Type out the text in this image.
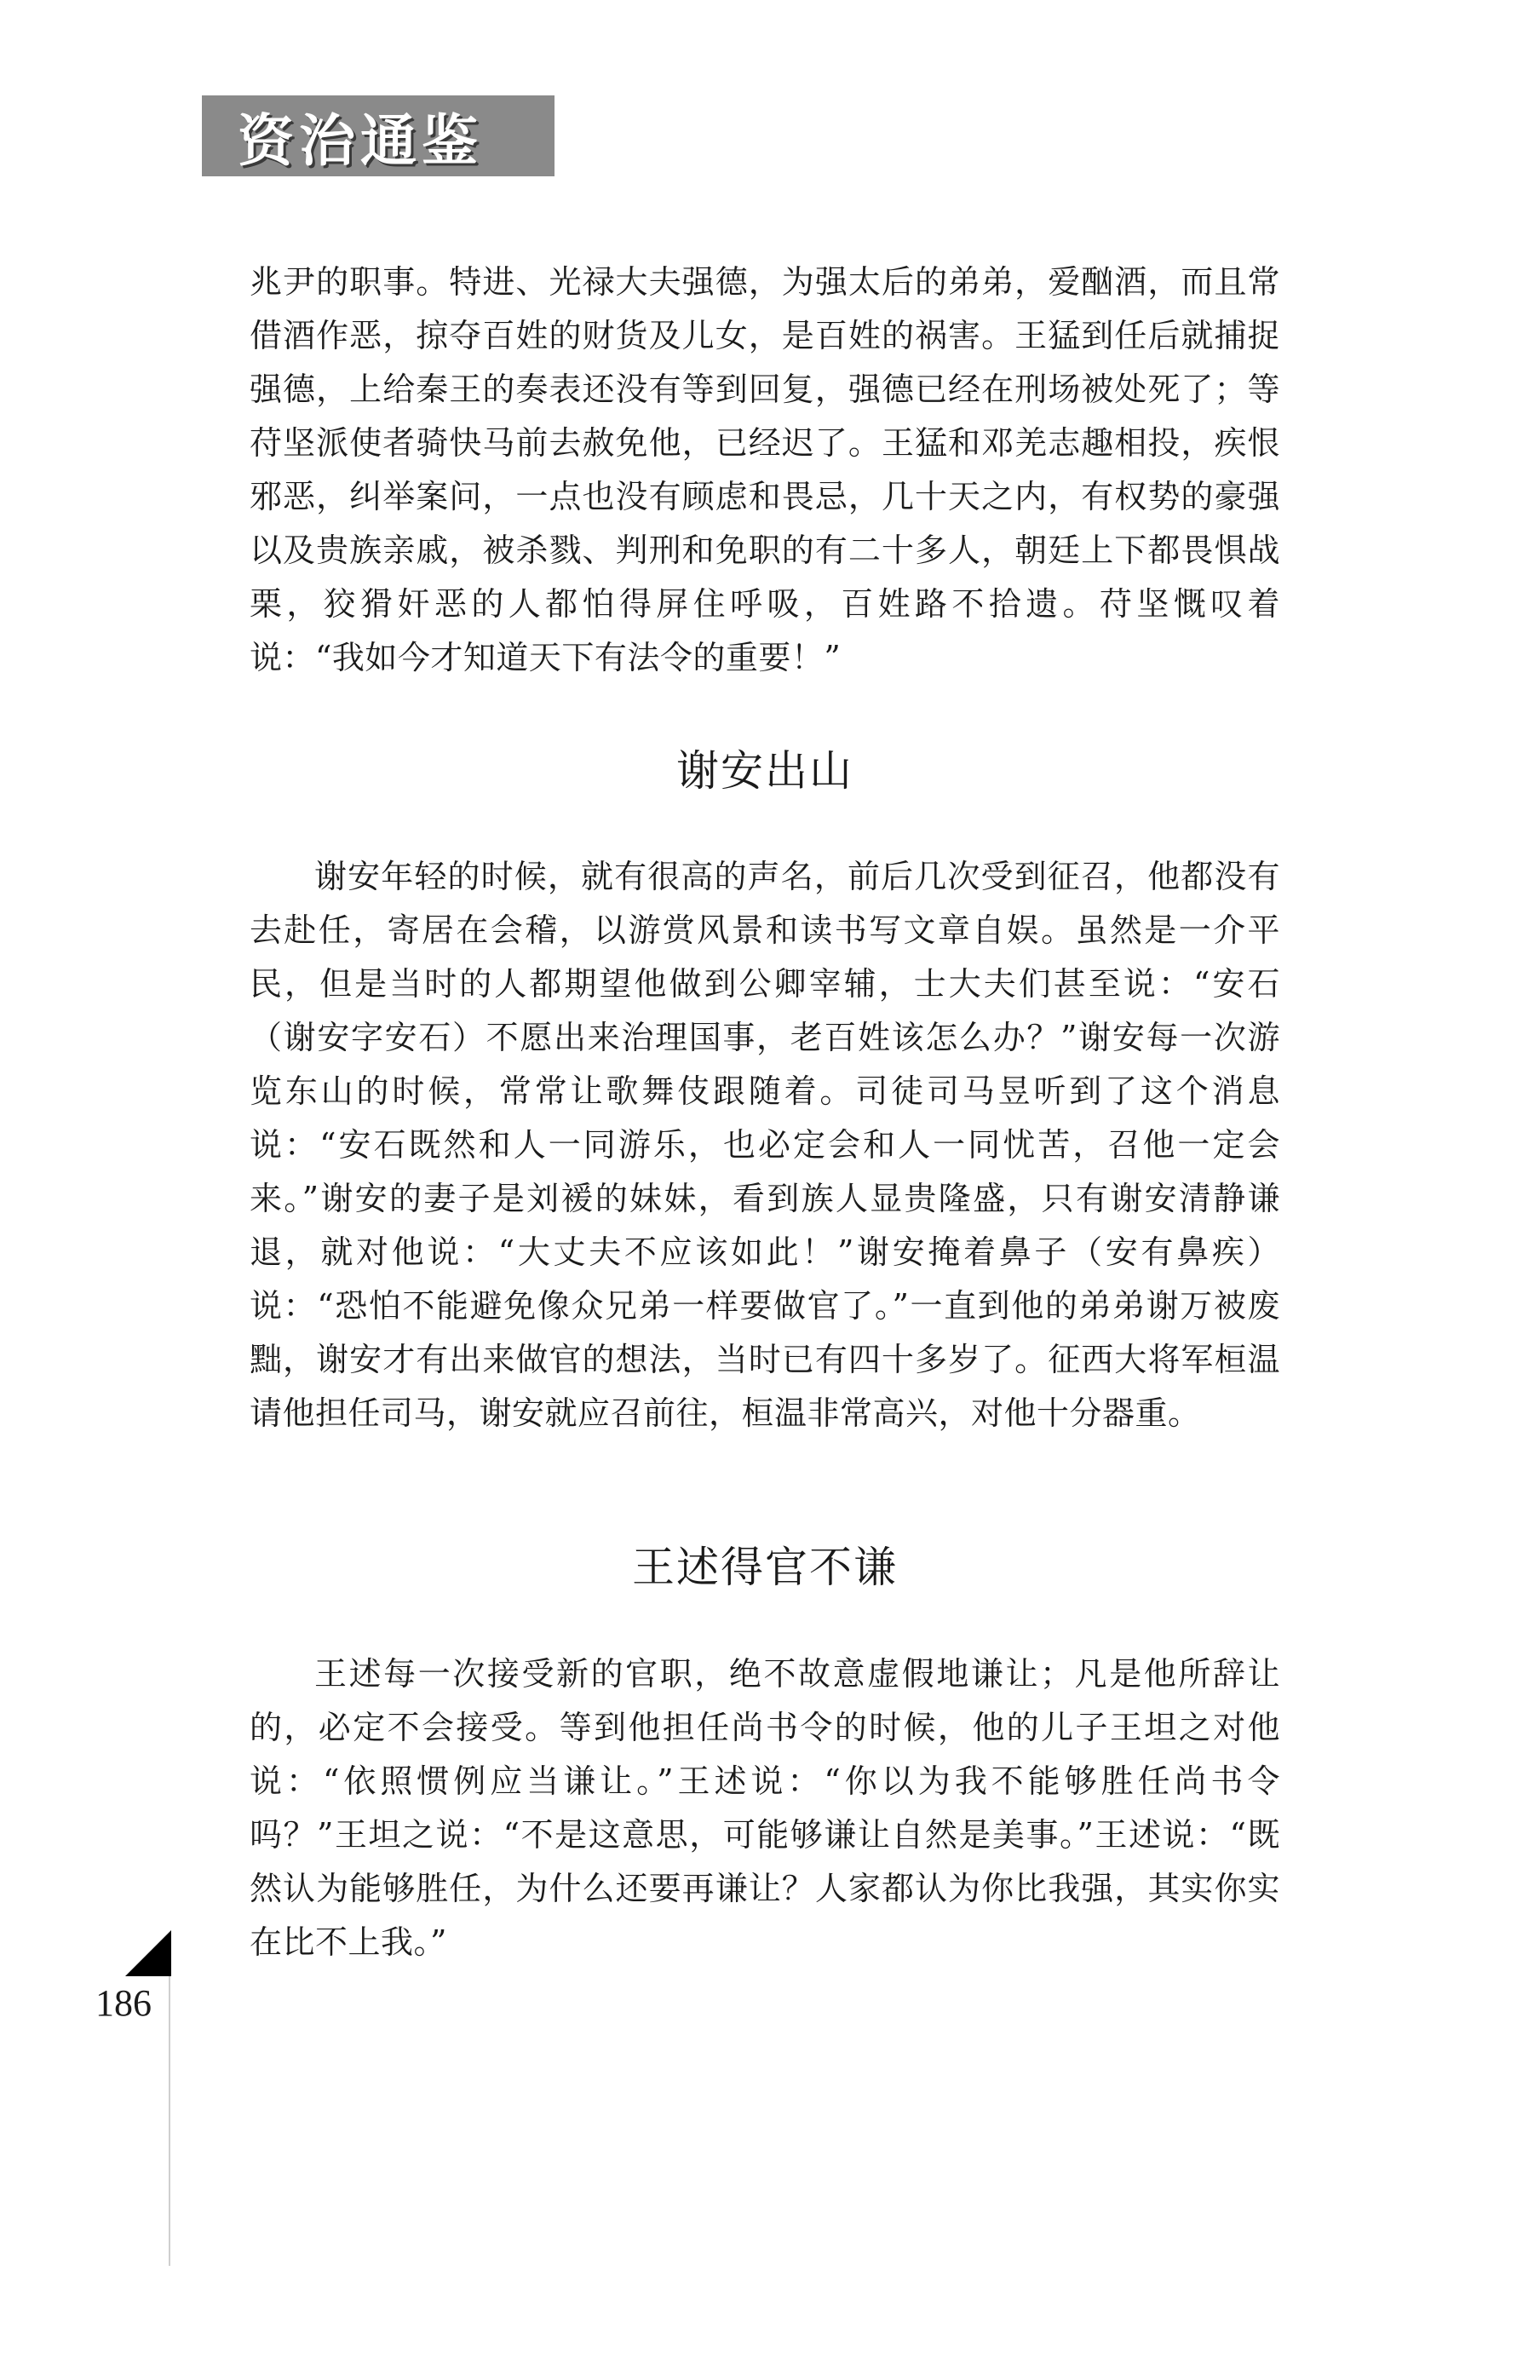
资治通鉴

兆尹的职事。特进、光禄大夫强德，为强太后的弟弟，爱酗酒，而且常借酒作恶，掠夺百姓的财货及儿女，是百姓的祸害。王猛到任后就捕捉强德，上给秦王的奏表还没有等到回复，强德已经在刑场被处死了；等苻坚派使者骑快马前去赦免他，已经迟了。王猛和邓羌志趣相投，疾恨邪恶，纠举案问，一点也没有顾虑和畏忌，几十天之内，有权势的豪强以及贵族亲戚，被杀戮、判刑和免职的有二十多人，朝廷上下都畏惧战栗，狡猾奸恶的人都怕得屏住呼吸，百姓路不拾遗。苻坚慨叹着说：“我如今才知道天下有法令的重要！”

谢安出山

谢安年轻的时候，就有很高的声名，前后几次受到征召，他都没有去赴任，寄居在会稽，以游赏风景和读书写文章自娱。虽然是一介平民，但是当时的人都期望他做到公卿宰辅，士大夫们甚至说：“安石（谢安字安石）不愿出来治理国事，老百姓该怎么办？”谢安每一次游览东山的时候，常常让歌舞伎跟随着。司徒司马昱听到了这个消息说：“安石既然和人一同游乐，也必定会和人一同忧苦，召他一定会来。”谢安的妻子是刘褑的妹妹，看到族人显贵隆盛，只有谢安清静谦退，就对他说：“大丈夫不应该如此！”谢安掩着鼻子（安有鼻疾）说：“恐怕不能避免像众兄弟一样要做官了。”一直到他的弟弟谢万被废黜，谢安才有出来做官的想法，当时已有四十多岁了。征西大将军桓温请他担任司马，谢安就应召前往，桓温非常高兴，对他十分器重。

王述得官不谦

王述每一次接受新的官职，绝不故意虚假地谦让；凡是他所辞让的，必定不会接受。等到他担任尚书令的时候，他的儿子王坦之对他说：“依照惯例应当谦让。”王述说：“你以为我不能够胜任尚书令吗？”王坦之说：“不是这意思，可能够谦让自然是美事。”王述说：“既然认为能够胜任，为什么还要再谦让？人家都认为你比我强，其实你实在比不上我。”

186
